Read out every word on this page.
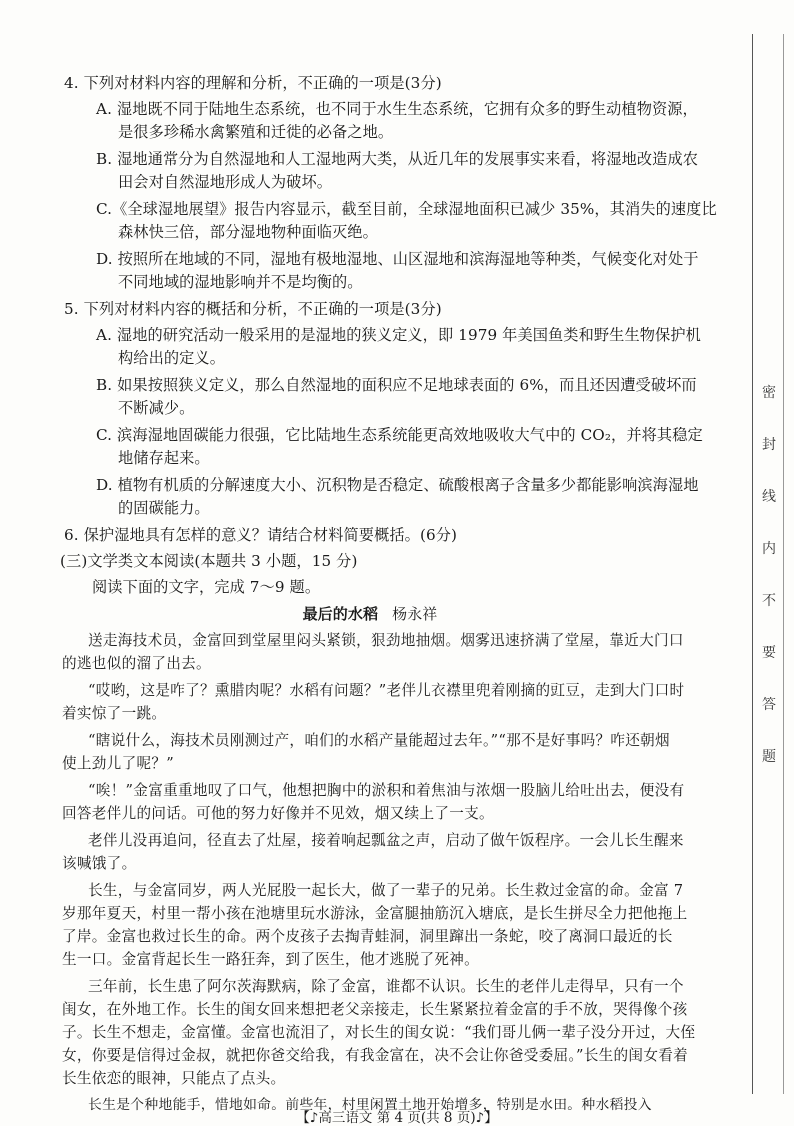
4. 下列对材料内容的理解和分析，不正确的一项是(3分)
A. 湿地既不同于陆地生态系统，也不同于水生生态系统，它拥有众多的野生动植物资源，
是很多珍稀水禽繁殖和迁徙的必备之地。
B. 湿地通常分为自然湿地和人工湿地两大类，从近几年的发展事实来看，将湿地改造成农
田会对自然湿地形成人为破坏。
C.《全球湿地展望》报告内容显示，截至目前，全球湿地面积已减少 35%，其消失的速度比
森林快三倍，部分湿地物种面临灭绝。
D. 按照所在地域的不同，湿地有极地湿地、山区湿地和滨海湿地等种类，气候变化对处于
不同地域的湿地影响并不是均衡的。
5. 下列对材料内容的概括和分析，不正确的一项是(3分)
A. 湿地的研究活动一般采用的是湿地的狭义定义，即 1979 年美国鱼类和野生生物保护机
构给出的定义。
B. 如果按照狭义定义，那么自然湿地的面积应不足地球表面的 6%，而且还因遭受破坏而
不断减少。
C. 滨海湿地固碳能力很强，它比陆地生态系统能更高效地吸收大气中的 CO₂，并将其稳定
地储存起来。
D. 植物有机质的分解速度大小、沉积物是否稳定、硫酸根离子含量多少都能影响滨海湿地
的固碳能力。
6. 保护湿地具有怎样的意义？请结合材料简要概括。(6分)
(三)文学类文本阅读(本题共 3 小题，15 分)
阅读下面的文字，完成 7～9 题。
最后的水稻 杨永祥
送走海技术员，金富回到堂屋里闷头紧锁，狠劲地抽烟。烟雾迅速挤满了堂屋，靠近大门口
的逃也似的溜了出去。
“哎哟，这是咋了？熏腊肉呢？水稻有问题？”老伴儿衣襟里兜着刚摘的豇豆，走到大门口时
着实惊了一跳。
“瞎说什么，海技术员刚测过产，咱们的水稻产量能超过去年。”“那不是好事吗？咋还朝烟
使上劲儿了呢？”
“唉！”金富重重地叹了口气，他想把胸中的淤积和着焦油与浓烟一股脑儿给吐出去，便没有
回答老伴儿的问话。可他的努力好像并不见效，烟又续上了一支。
老伴儿没再追问，径直去了灶屋，接着响起瓢盆之声，启动了做午饭程序。一会儿长生醒来
该喊饿了。
长生，与金富同岁，两人光屁股一起长大，做了一辈子的兄弟。长生救过金富的命。金富 7
岁那年夏天，村里一帮小孩在池塘里玩水游泳，金富腿抽筋沉入塘底，是长生拼尽全力把他拖上
了岸。金富也救过长生的命。两个皮孩子去掏青蛙洞，洞里蹿出一条蛇，咬了离洞口最近的长
生一口。金富背起长生一路狂奔，到了医生，他才逃脱了死神。
三年前，长生患了阿尔茨海默病，除了金富，谁都不认识。长生的老伴儿走得早，只有一个
闺女，在外地工作。长生的闺女回来想把老父亲接走，长生紧紧拉着金富的手不放，哭得像个孩
子。长生不想走，金富懂。金富也流泪了，对长生的闺女说：“我们哥儿俩一辈子没分开过，大侄
女，你要是信得过金叔，就把你爸交给我，有我金富在，决不会让你爸受委屈。”长生的闺女看着
长生依恋的眼神，只能点了点头。
长生是个种地能手，惜地如命。前些年，村里闲置土地开始增多，特别是水田。种水稻投入
密
封
线
内
不
要
答
题
【♪高三语文 第 4 页(共 8 页)♪】
